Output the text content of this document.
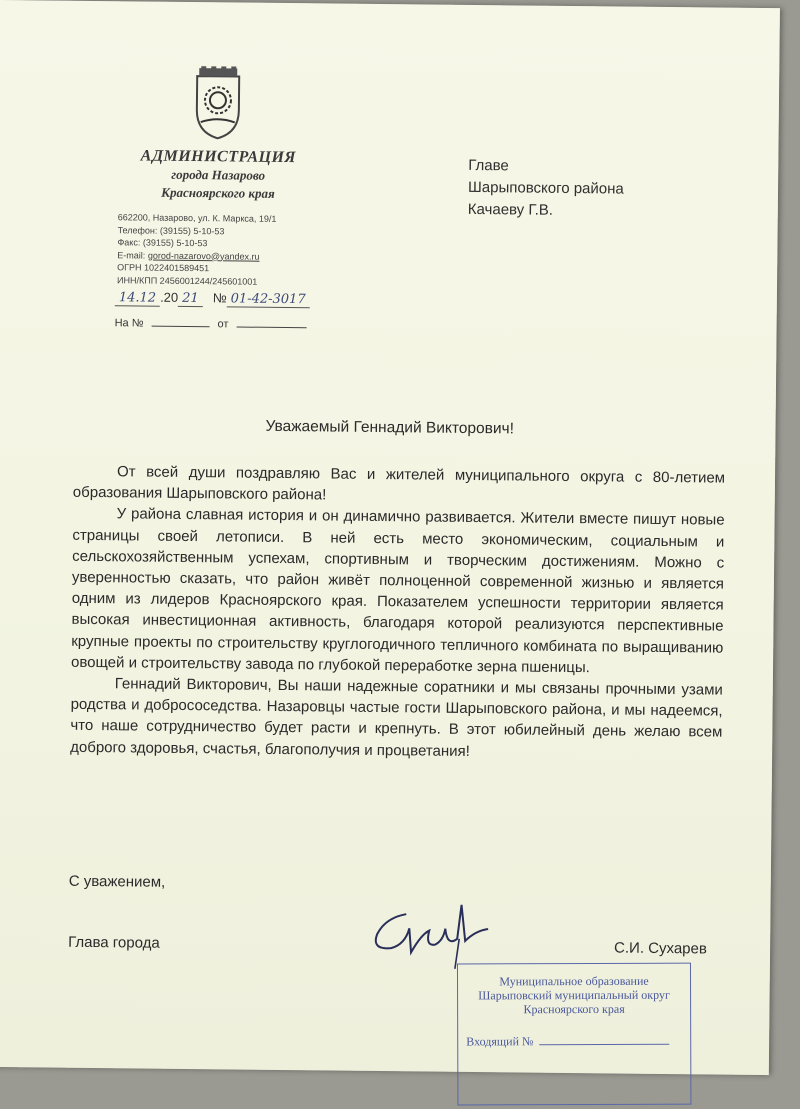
АДМИНИСТРАЦИЯ
города Назарово
Красноярского края
662200, Назарово, ул. К. Маркса, 19/1
Телефон: (39155) 5-10-53
Факс: (39155) 5-10-53
E-mail: gorod-nazarovo@yandex.ru
ОГРН 1022401589451
ИНН/КПП 2456001244/245601001
14.12 .20 21	№ 01-42-3017
На №	от
Главе
Шарыповского района
Качаеву Г.В.
Уважаемый Геннадий Викторович!

От всей души поздравляю Вас и жителей муниципального округа с 80-летием образования Шарыповского района!

У района славная история и он динамично развивается. Жители вместе пишут новые страницы своей летописи. В ней есть место экономическим, социальным и сельскохозяйственным успехам, спортивным и творческим достижениям. Можно с уверенностью сказать, что район живёт полноценной современной жизнью и является одним из лидеров Красноярского края. Показателем успешности территории является высокая инвестиционная активность, благодаря которой реализуются перспективные крупные проекты по строительству круглогодичного тепличного комбината по выращиванию овощей и строительству завода по глубокой переработке зерна пшеницы.

Геннадий Викторович, Вы наши надежные соратники и мы связаны прочными узами родства и добрососедства. Назаровцы частые гости Шарыповского района, и мы надеемся, что наше сотрудничество будет расти и крепнуть. В этот юбилейный день желаю всем доброго здоровья, счастья, благополучия и процветания!

С уважением,
Глава города	С.И. Сухарев
Муниципальное образование
Шарыповский муниципальный округ
Красноярского края
Входящий №
